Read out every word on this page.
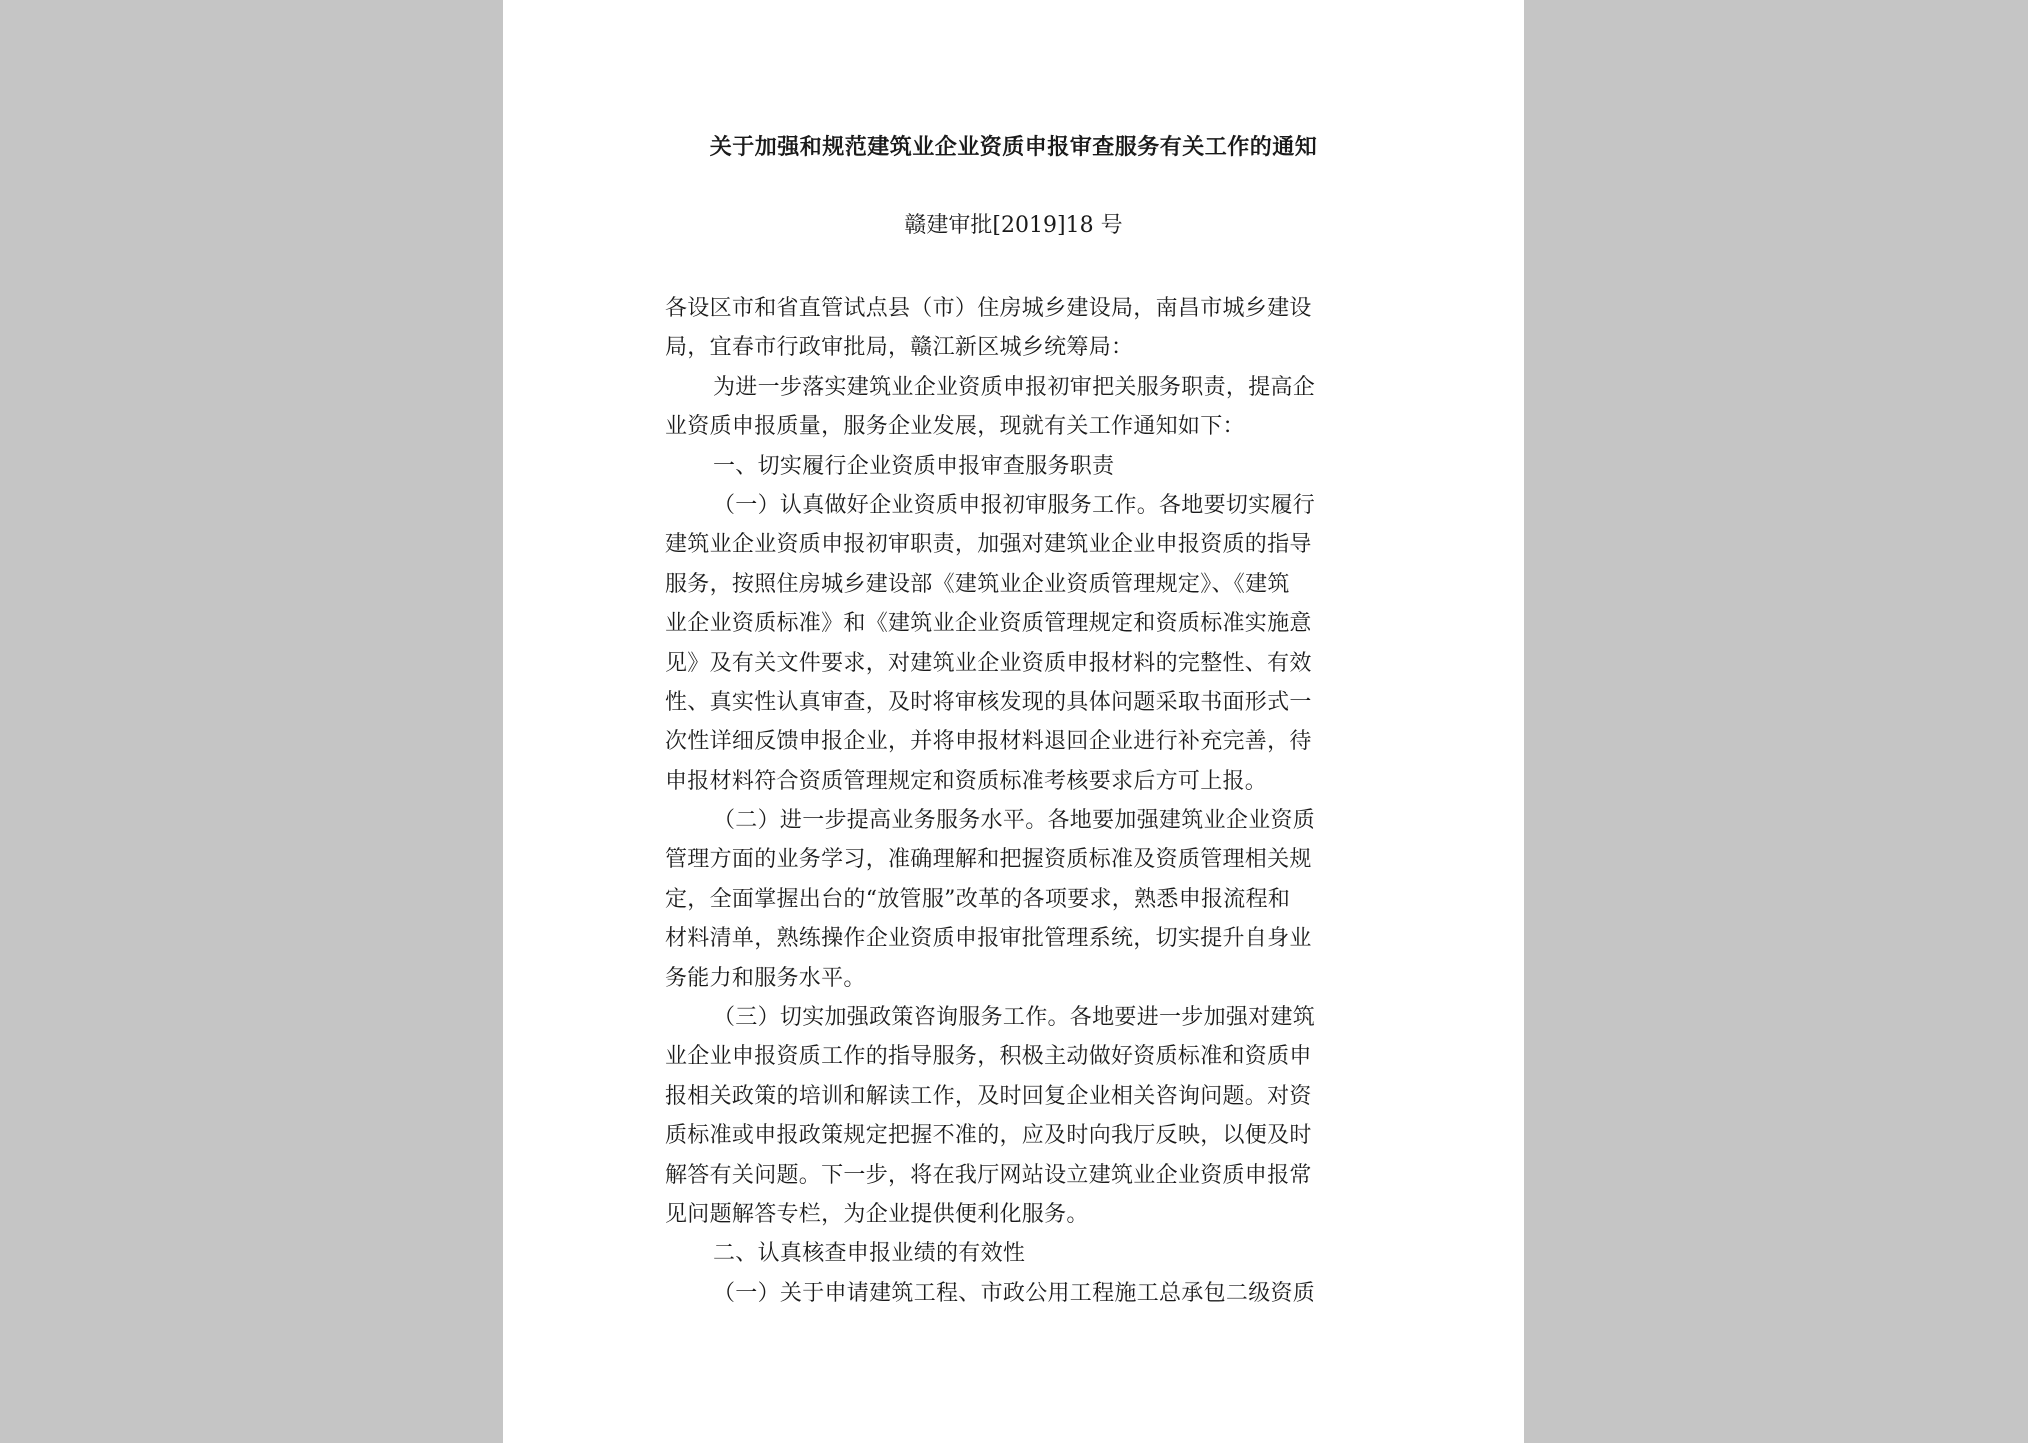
关于加强和规范建筑业企业资质申报审查服务有关工作的通知
赣建审批[2019]18 号
各设区市和省直管试点县（市）住房城乡建设局，南昌市城乡建设
局，宜春市行政审批局，赣江新区城乡统筹局：
为进一步落实建筑业企业资质申报初审把关服务职责，提高企
业资质申报质量，服务企业发展，现就有关工作通知如下：
一、切实履行企业资质申报审查服务职责
（一）认真做好企业资质申报初审服务工作。各地要切实履行
建筑业企业资质申报初审职责，加强对建筑业企业申报资质的指导
服务，按照住房城乡建设部《建筑业企业资质管理规定》、《建筑
业企业资质标准》和《建筑业企业资质管理规定和资质标准实施意
见》及有关文件要求，对建筑业企业资质申报材料的完整性、有效
性、真实性认真审查，及时将审核发现的具体问题采取书面形式一
次性详细反馈申报企业，并将申报材料退回企业进行补充完善，待
申报材料符合资质管理规定和资质标准考核要求后方可上报。
（二）进一步提高业务服务水平。各地要加强建筑业企业资质
管理方面的业务学习，准确理解和把握资质标准及资质管理相关规
定，全面掌握出台的“放管服”改革的各项要求，熟悉申报流程和
材料清单，熟练操作企业资质申报审批管理系统，切实提升自身业
务能力和服务水平。
（三）切实加强政策咨询服务工作。各地要进一步加强对建筑
业企业申报资质工作的指导服务，积极主动做好资质标准和资质申
报相关政策的培训和解读工作，及时回复企业相关咨询问题。对资
质标准或申报政策规定把握不准的，应及时向我厅反映，以便及时
解答有关问题。下一步，将在我厅网站设立建筑业企业资质申报常
见问题解答专栏，为企业提供便利化服务。
二、认真核查申报业绩的有效性
（一）关于申请建筑工程、市政公用工程施工总承包二级资质
